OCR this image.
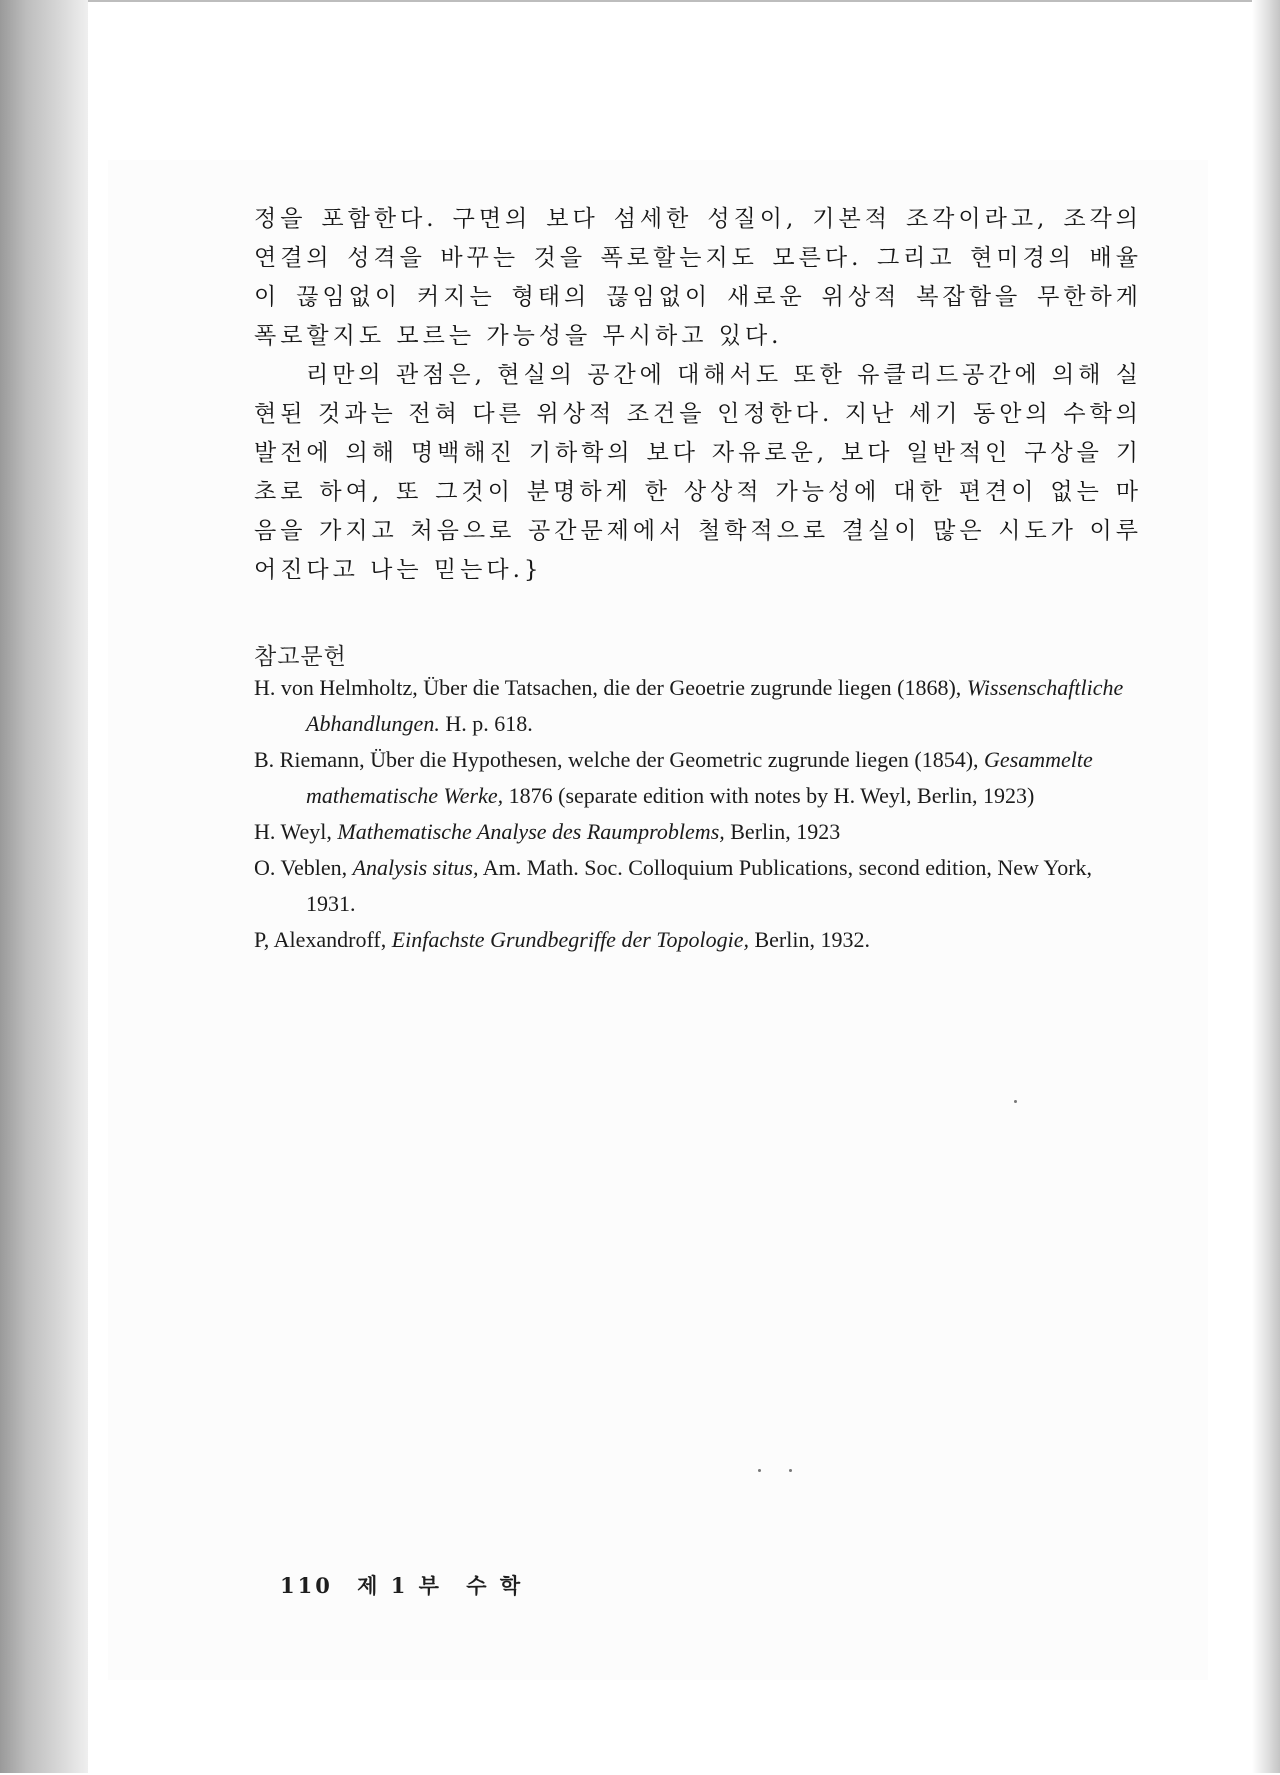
정을 포함한다. 구면의 보다 섬세한 성질이, 기본적 조각이라고, 조각의 연결의 성격을 바꾸는 것을 폭로할는지도 모른다. 그리고 현미경의 배율이 끊임없이 커지는 형태의 끊임없이 새로운 위상적 복잡함을 무한하게 폭로할지도 모르는 가능성을 무시하고 있다.

리만의 관점은, 현실의 공간에 대해서도 또한 유클리드공간에 의해 실현된 것과는 전혀 다른 위상적 조건을 인정한다. 지난 세기 동안의 수학의 발전에 의해 명백해진 기하학의 보다 자유로운, 보다 일반적인 구상을 기초로 하여, 또 그것이 분명하게 한 상상적 가능성에 대한 편견이 없는 마음을 가지고 처음으로 공간문제에서 철학적으로 결실이 많은 시도가 이루어진다고 나는 믿는다.}

참고문헌

H. von Helmholtz, Über die Tatsachen, die der Geoetrie zugrunde liegen (1868), Wissenschaftliche Abhandlungen. H. p. 618.

B. Riemann, Über die Hypothesen, welche der Geometric zugrunde liegen (1854), Gesammelte mathematische Werke, 1876 (separate edition with notes by H. Weyl, Berlin, 1923)

H. Weyl, Mathematische Analyse des Raumproblems, Berlin, 1923

O. Veblen, Analysis situs, Am. Math. Soc. Colloquium Publications, second edition, New York, 1931.

P, Alexandroff, Einfachste Grundbegriffe der Topologie, Berlin, 1932.

110 제 1 부 수 학
